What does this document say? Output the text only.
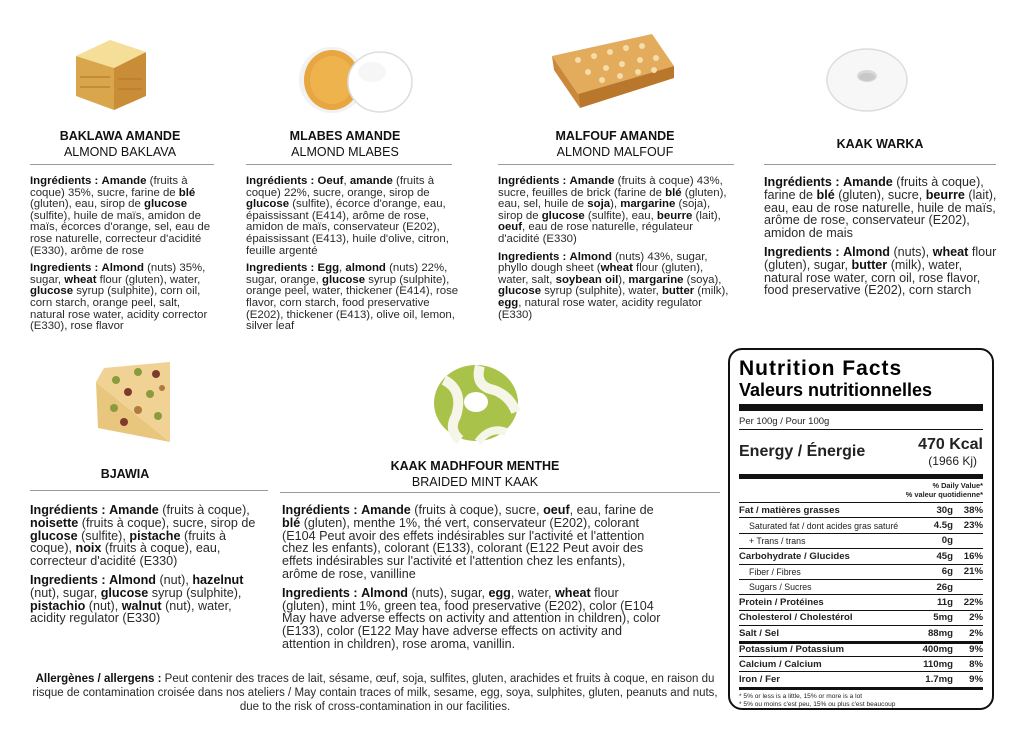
BAKLAWA AMANDE
ALMOND BAKLAVA

Ingrédients : Amande (fruits à coque) 35%, sucre, farine de blé (gluten), eau, sirop de glucose (sulfite), huile de maïs, amidon de maïs, écorces d'orange, sel, eau de rose naturelle, correcteur d'acidité (E330), arôme de rose

Ingredients : Almond (nuts) 35%, sugar, wheat flour (gluten), water, glucose syrup (sulphite), corn oil, corn starch, orange peel, salt, natural rose water, acidity corrector (E330), rose flavor

MLABES AMANDE
ALMOND MLABES

Ingrédients : Oeuf, amande (fruits à coque) 22%, sucre, orange, sirop de glucose (sulfite), écorce d'orange, eau, épaississant (E414), arôme de rose, amidon de maïs, conservateur (E202), épaississant (E413), huile d'olive, citron, feuille argenté

Ingredients : Egg, almond (nuts) 22%, sugar, orange, glucose syrup (sulphite), orange peel, water, thickener (E414), rose flavor, corn starch, food preservative (E202), thickener (E413), olive oil, lemon, silver leaf

MALFOUF AMANDE
ALMOND MALFOUF

Ingrédients : Amande (fruits à coque) 43%, sucre, feuilles de brick (farine de blé (gluten), eau, sel, huile de soja), margarine (soja), sirop de glucose (sulfite), eau, beurre (lait), oeuf, eau de rose naturelle, régulateur d'acidité (E330)

Ingredients : Almond (nuts) 43%, sugar, phyllo dough sheet (wheat flour (gluten), water, salt, soybean oil), margarine (soya), glucose syrup (sulphite), water, butter (milk), egg, natural rose water, acidity regulator (E330)

KAAK WARKA

Ingrédients : Amande (fruits à coque), farine de blé (gluten), sucre, beurre (lait), eau, eau de rose naturelle, huile de maïs, arôme de rose, conservateur (E202), amidon de mais

Ingredients : Almond (nuts), wheat flour (gluten), sugar, butter (milk), water, natural rose water, corn oil, rose flavor, food preservative (E202), corn starch

BJAWIA

Ingrédients : Amande (fruits à coque), noisette (fruits à coque), sucre, sirop de glucose (sulfite), pistache (fruits à coque), noix (fruits à coque), eau, correcteur d'acidité (E330)

Ingredients : Almond (nut), hazelnut (nut), sugar, glucose syrup (sulphite), pistachio (nut), walnut (nut), water, acidity regulator (E330)

KAAK MADHFOUR MENTHE
BRAIDED MINT KAAK

Ingrédients : Amande (fruits à coque), sucre, oeuf, eau, farine de blé (gluten), menthe 1%, thé vert, conservateur (E202), colorant (E104 Peut avoir des effets indésirables sur l'activité et l'attention chez les enfants), colorant (E133), colorant (E122 Peut avoir des effets indésirables sur l'activité et l'attention chez les enfants), arôme de rose, vanilline

Ingredients : Almond (nuts), sugar, egg, water, wheat flour (gluten), mint 1%, green tea, food preservative (E202), color (E104 May have adverse effects on activity and attention in children), color (E133), color (E122 May have adverse effects on activity and attention in children), rose aroma, vanillin.

Allergènes / allergens : Peut contenir des traces de lait, sésame, œuf, soja, sulfites, gluten, arachides et fruits à coque, en raison du risque de contamination croisée dans nos ateliers / May contain traces of milk, sesame, egg, soya, sulphites, gluten, peanuts and nuts, due to the risk of cross-contamination in our facilities.
Nutrition Facts
Valeurs nutritionnelles
Per 100g / Pour 100g
Energy / Énergie	470 Kcal
(1966 Kj)
% Daily Value*
% valeur quotidienne*
Fat / matières grasses	30g	38%
Saturated fat / dont acides gras saturé	4.5g	23%
+ Trans / trans	0g
Carbohydrate / Glucides	45g	16%
Fiber / Fibres	6g	21%
Sugars / Sucres	26g
Protein / Protéines	11g	22%
Cholesterol / Cholestérol	5mg	2%
Salt / Sel	88mg	2%
Potassium / Potassium	400mg	9%
Calcium / Calcium	110mg	8%
Iron / Fer	1.7mg	9%
* 5% or less is a little, 15% or more is a lot
* 5% ou moins c'est peu, 15% ou plus c'est beaucoup
